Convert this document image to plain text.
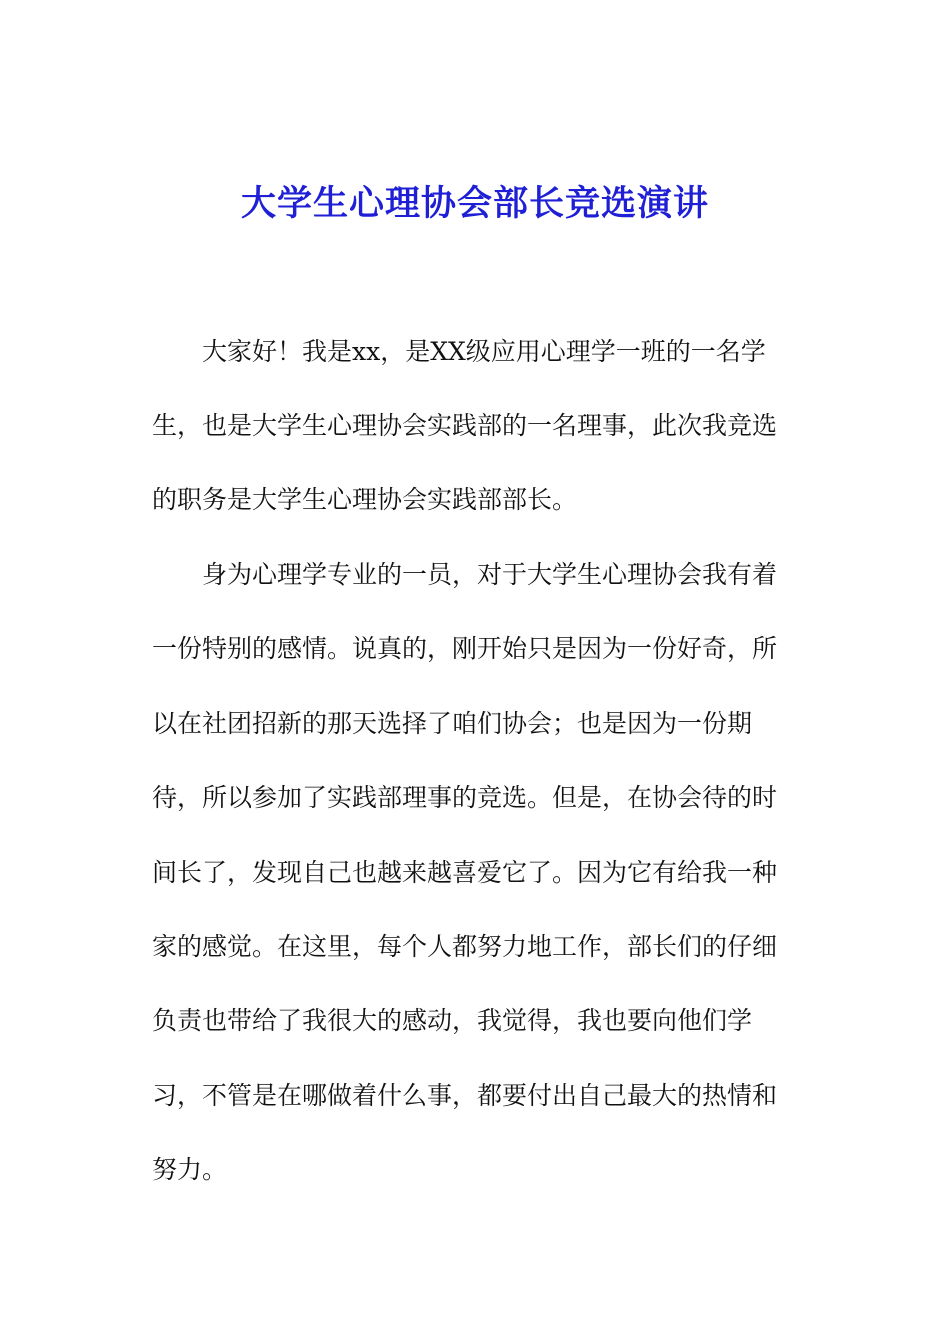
大学生心理协会部长竞选演讲

大家好！我是xx，是XX级应用心理学一班的一名学

生，也是大学生心理协会实践部的一名理事，此次我竞选

的职务是大学生心理协会实践部部长。

身为心理学专业的一员，对于大学生心理协会我有着

一份特别的感情。说真的，刚开始只是因为一份好奇，所

以在社团招新的那天选择了咱们协会；也是因为一份期

待，所以参加了实践部理事的竞选。但是，在协会待的时

间长了，发现自己也越来越喜爱它了。因为它有给我一种

家的感觉。在这里，每个人都努力地工作，部长们的仔细

负责也带给了我很大的感动，我觉得，我也要向他们学

习，不管是在哪做着什么事，都要付出自己最大的热情和

努力。
